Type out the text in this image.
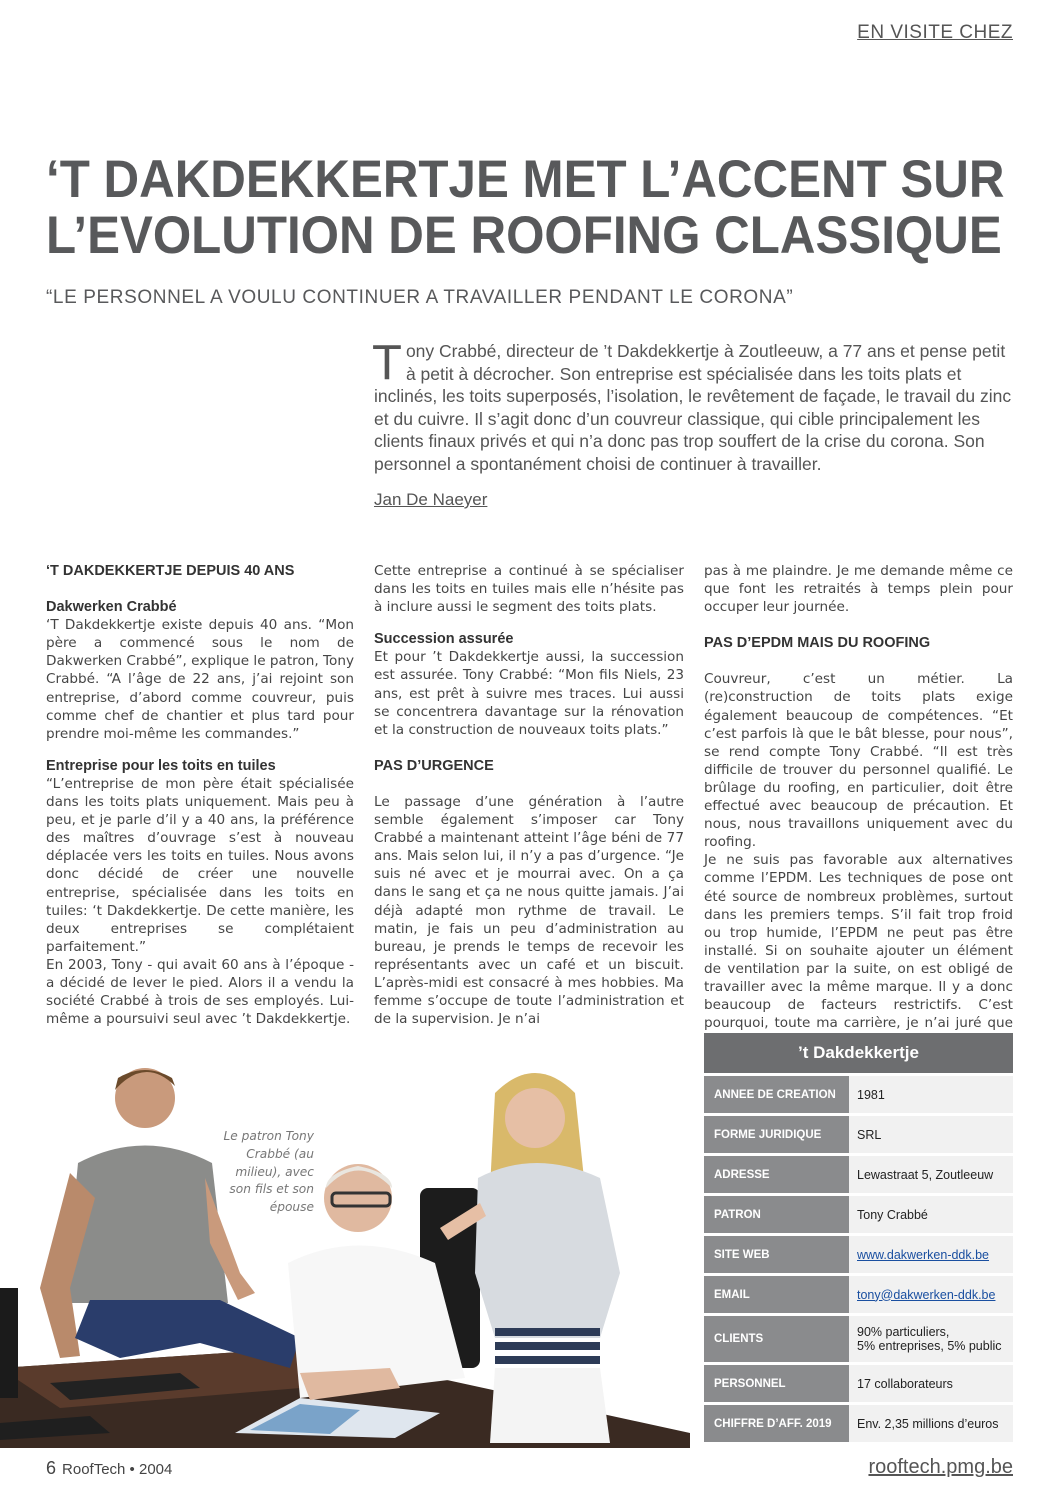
EN VISITE CHEZ
‘T DAKDEKKERTJE MET L’ACCENT SUR
L’EVOLUTION DE ROOFING CLASSIQUE
“LE PERSONNEL A VOULU CONTINUER A TRAVAILLER PENDANT LE CORONA”

Tony Crabbé, directeur de ’t Dakdekkertje à Zoutleeuw, a 77 ans et pense petit à petit à décrocher. Son entreprise est spécialisée dans les toits plats et inclinés, les toits superposés, l’isolation, le revêtement de façade, le travail du zinc et du cuivre. Il s’agit donc d’un couvreur classique, qui cible principalement les clients finaux privés et qui n’a donc pas trop souffert de la crise du corona. Son personnel a spontanément choisi de continuer à travailler.

Jan De Naeyer
‘T DAKDEKKERTJE DEPUIS 40 ANS
Dakwerken Crabbé

‘T Dakdekkertje existe depuis 40 ans. “Mon père a commencé sous le nom de Dakwerken Crabbé”, explique le patron, Tony Crabbé. “A l’âge de 22 ans, j’ai rejoint son entreprise, d’abord comme couvreur, puis comme chef de chantier et plus tard pour prendre moi-même les commandes.”

Entreprise pour les toits en tuiles

“L’entreprise de mon père était spécialisée dans les toits plats uniquement. Mais peu à peu, et je parle d’il y a 40 ans, la préférence des maîtres d’ouvrage s’est à nouveau déplacée vers les toits en tuiles. Nous avons donc décidé de créer une nouvelle entreprise, spécialisée dans les toits en tuiles: ‘t Dakdekkertje. De cette manière, les deux entreprises se complétaient parfaitement.”

En 2003, Tony - qui avait 60 ans à l’époque - a décidé de lever le pied. Alors il a vendu la société Crabbé à trois de ses employés. Lui-même a poursuivi seul avec ’t Dakdekkertje.

Cette entreprise a continué à se spécialiser dans les toits en tuiles mais elle n’hésite pas à inclure aussi le segment des toits plats.

Succession assurée

Et pour ’t Dakdekkertje aussi, la succession est assurée. Tony Crabbé: “Mon fils Niels, 23 ans, est prêt à suivre mes traces. Lui aussi se concentrera davantage sur la rénovation et la construction de nouveaux toits plats.”

PAS D’URGENCE

Le passage d’une génération à l’autre semble également s’imposer car Tony Crabbé a maintenant atteint l’âge béni de 77 ans. Mais selon lui, il n’y a pas d’urgence. “Je suis né avec et je mourrai avec. On a ça dans le sang et ça ne nous quitte jamais. J’ai déjà adapté mon rythme de travail. Le matin, je fais un peu d’administration au bureau, je prends le temps de recevoir les représentants avec un café et un biscuit. L’après-midi est consacré à mes hobbies. Ma femme s’occupe de toute l’administration et de la supervision. Je n’ai

pas à me plaindre. Je me demande même ce que font les retraités à temps plein pour occuper leur journée.

PAS D’EPDM MAIS DU ROOFING

Couvreur, c’est un métier. La (re)construction de toits plats exige également beaucoup de compétences. “Et c’est parfois là que le bât blesse, pour nous”, se rend compte Tony Crabbé. “Il est très difficile de trouver du personnel qualifié. Le brûlage du roofing, en particulier, doit être effectué avec beaucoup de précaution. Et nous, nous travaillons uniquement avec du roofing.

Je ne suis pas favorable aux alternatives comme l’EPDM. Les techniques de pose ont été source de nombreux problèmes, surtout dans les premiers temps. S’il fait trop froid ou trop humide, l’EPDM ne peut pas être installé. Si on souhaite ajouter un élément de ventilation par la suite, on est obligé de travailler avec la même marque. Il y a donc beaucoup de facteurs restrictifs. C’est pourquoi, toute ma carrière, je n’ai juré que

Le patron Tony Crabbé (au milieu), avec son fils et son épouse
’t Dakdekkertje	

ANNEE DE CREATION	1981

FORME JURIDIQUE	SRL

ADRESSE	Lewastraat 5, Zoutleeuw

PATRON	Tony Crabbé

SITE WEB	www.dakwerken-ddk.be

EMAIL	tony@dakwerken-ddk.be

CLIENTS	90% particuliers,
5% entreprises, 5% public

PERSONNEL	17 collaborateurs

CHIFFRE D’AFF. 2019	Env. 2,35 millions d’euros
6 RoofTech • 2004	rooftech.pmg.be
